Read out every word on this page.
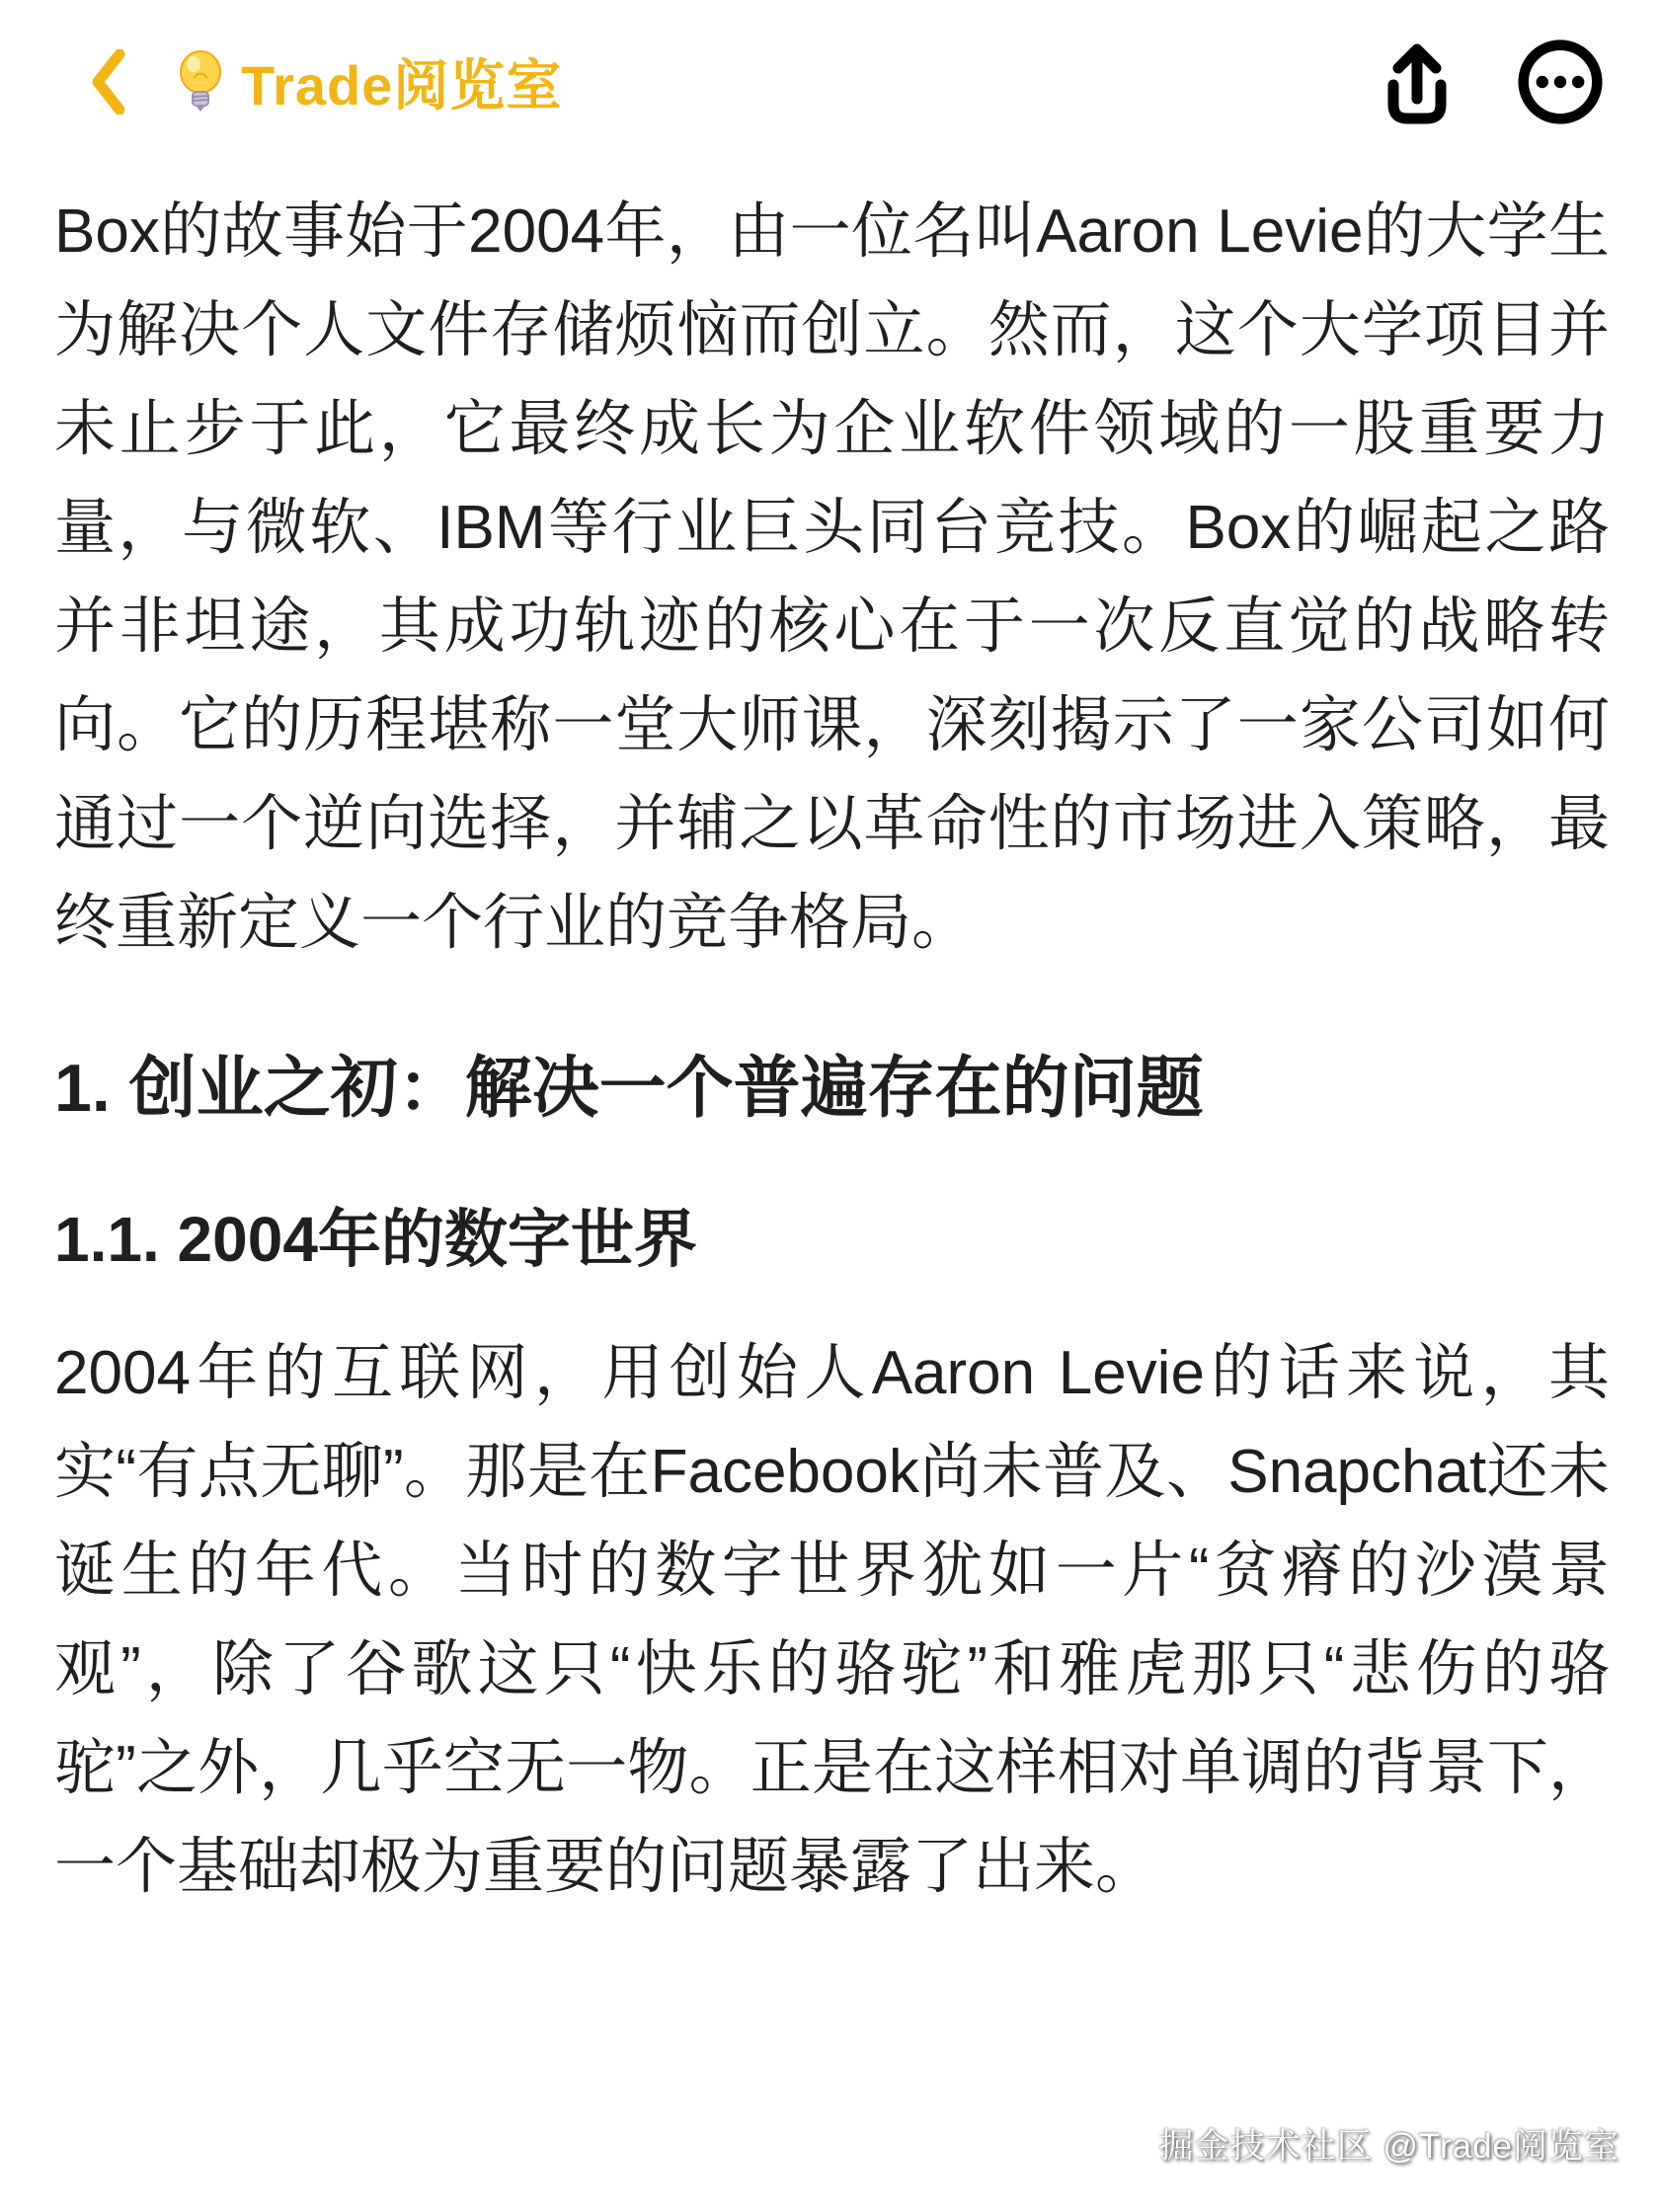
Trade阅览室

Box的故事始于2004年，由一位名叫Aaron Levie的大学生为解决个人文件存储烦恼而创立。然而，这个大学项目并未止步于此，它最终成长为企业软件领域的一股重要力量，与微软、IBM等行业巨头同台竞技。Box的崛起之路并非坦途，其成功轨迹的核心在于一次反直觉的战略转向。它的历程堪称一堂大师课，深刻揭示了一家公司如何通过一个逆向选择，并辅之以革命性的市场进入策略，最终重新定义一个行业的竞争格局。

1. 创业之初：解决一个普遍存在的问题
1.1. 2004年的数字世界

2004年的互联网，用创始人Aaron Levie的话来说，其实“有点无聊”。那是在Facebook尚未普及、Snapchat还未诞生的年代。当时的数字世界犹如一片“贫瘠的沙漠景观”，除了谷歌这只“快乐的骆驼”和雅虎那只“悲伤的骆驼”之外，几乎空无一物。正是在这样相对单调的背景下，一个基础却极为重要的问题暴露了出来。

掘金技术社区 @Trade阅览室
